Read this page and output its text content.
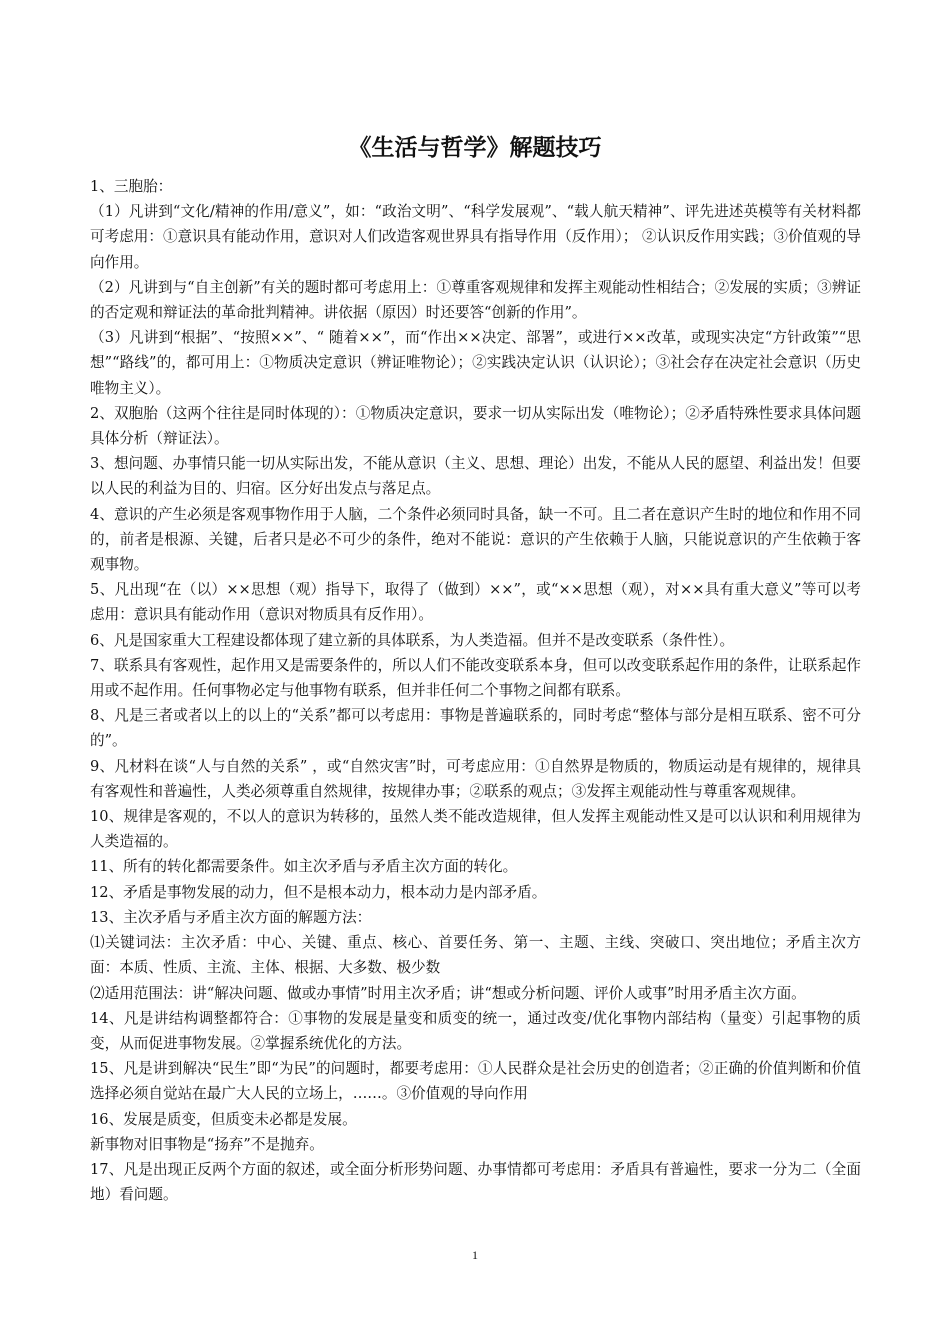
《生活与哲学》解题技巧

1、三胞胎：

（1）凡讲到“文化/精神的作用/意义”，如：“政治文明”、“科学发展观”、“载人航天精神”、评先进述英模等有关材料都可考虑用：①意识具有能动作用，意识对人们改造客观世界具有指导作用（反作用）； ②认识反作用实践；③价值观的导向作用。

（2）凡讲到与“自主创新”有关的题时都可考虑用上：①尊重客观规律和发挥主观能动性相结合；②发展的实质；③辨证的否定观和辩证法的革命批判精神。讲依据（原因）时还要答“创新的作用”。

（3）凡讲到“根据”、“按照××”、“ 随着××”，而“作出××决定、部署”，或进行××改革，或现实决定“方针政策”“思想”“路线”的，都可用上：①物质决定意识（辨证唯物论）；②实践决定认识（认识论）；③社会存在决定社会意识（历史唯物主义）。

2、双胞胎（这两个往往是同时体现的）：①物质决定意识，要求一切从实际出发（唯物论）；②矛盾特殊性要求具体问题具体分析（辩证法）。

3、想问题、办事情只能一切从实际出发，不能从意识（主义、思想、理论）出发，不能从人民的愿望、利益出发！但要以人民的利益为目的、归宿。区分好出发点与落足点。

4、意识的产生必须是客观事物作用于人脑，二个条件必须同时具备，缺一不可。且二者在意识产生时的地位和作用不同的，前者是根源、关键，后者只是必不可少的条件，绝对不能说：意识的产生依赖于人脑，只能说意识的产生依赖于客观事物。

5、凡出现“在（以）××思想（观）指导下，取得了（做到）××”，或“××思想（观），对××具有重大意义”等可以考虑用：意识具有能动作用（意识对物质具有反作用）。

6、凡是国家重大工程建设都体现了建立新的具体联系，为人类造福。但并不是改变联系（条件性）。

7、联系具有客观性，起作用又是需要条件的，所以人们不能改变联系本身，但可以改变联系起作用的条件，让联系起作用或不起作用。任何事物必定与他事物有联系，但并非任何二个事物之间都有联系。

8、凡是三者或者以上的以上的“关系”都可以考虑用：事物是普遍联系的，同时考虑“整体与部分是相互联系、密不可分的”。

9、凡材料在谈“人与自然的关系” ，或“自然灾害”时，可考虑应用：①自然界是物质的，物质运动是有规律的，规律具有客观性和普遍性，人类必须尊重自然规律，按规律办事；②联系的观点；③发挥主观能动性与尊重客观规律。

10、规律是客观的，不以人的意识为转移的，虽然人类不能改造规律，但人发挥主观能动性又是可以认识和利用规律为人类造福的。

11、所有的转化都需要条件。如主次矛盾与矛盾主次方面的转化。

12、矛盾是事物发展的动力，但不是根本动力，根本动力是内部矛盾。

13、主次矛盾与矛盾主次方面的解题方法：

⑴关键词法：主次矛盾：中心、关键、重点、核心、首要任务、第一、主题、主线、突破口、突出地位；矛盾主次方面：本质、性质、主流、主体、根据、大多数、极少数

⑵适用范围法：讲“解决问题、做或办事情”时用主次矛盾；讲“想或分析问题、评价人或事”时用矛盾主次方面。

14、凡是讲结构调整都符合：①事物的发展是量变和质变的统一，通过改变/优化事物内部结构（量变）引起事物的质变，从而促进事物发展。②掌握系统优化的方法。

15、凡是讲到解决“民生”即“为民”的问题时，都要考虑用：①人民群众是社会历史的创造者；②正确的价值判断和价值选择必须自觉站在最广大人民的立场上，……。③价值观的导向作用

16、发展是质变，但质变未必都是发展。

新事物对旧事物是“扬弃”不是抛弃。

17、凡是出现正反两个方面的叙述，或全面分析形势问题、办事情都可考虑用：矛盾具有普遍性，要求一分为二（全面地）看问题。

1
